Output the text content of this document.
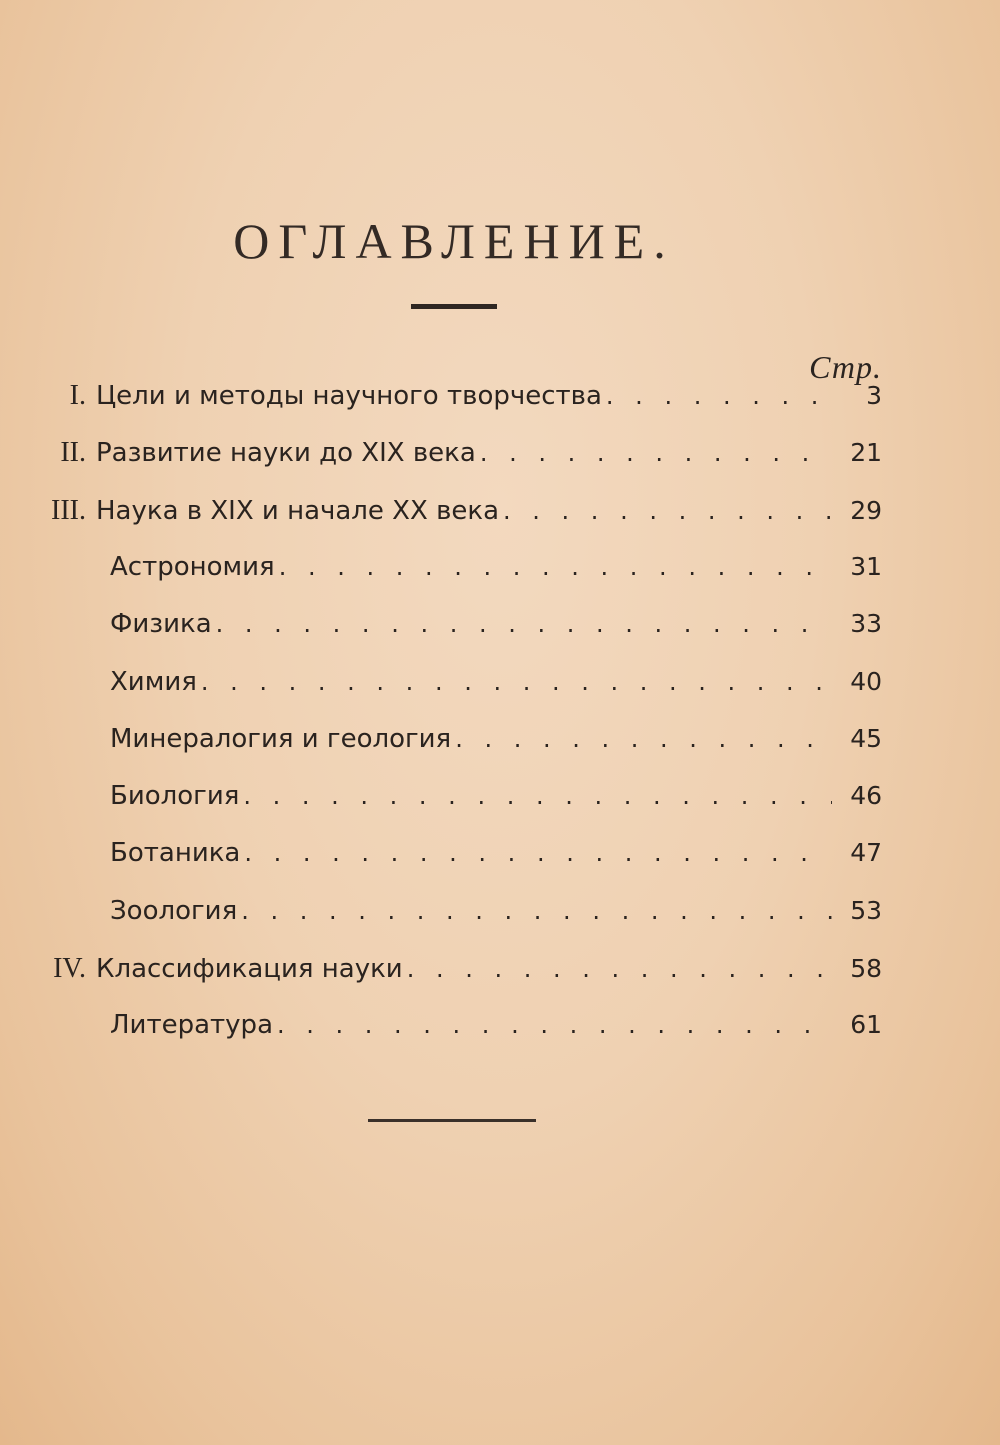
ОГЛАВЛЕНИЕ.
Стр.
I. Цели и методы научного творчества . . .	3
II. Развитие науки до XIX века . . .	21
III. Наука в XIX и начале XX века . . .	29
Астрономия . . .	31
Физика . . .	33
Химия . . .	40
Минералогия и геология . . .	45
Биология . . .	46
Ботаника . . .	47
Зоология . . .	53
IV. Классификация науки . . .	58
Литература . . .	61
